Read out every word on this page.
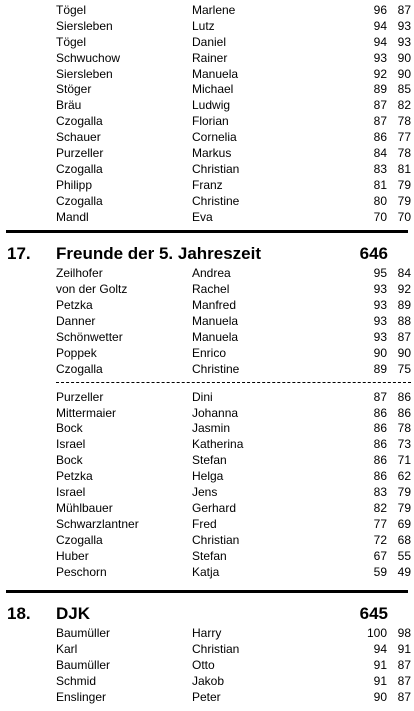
Tögel	Marlene	96 87
Siersleben	Lutz	94 93
Tögel	Daniel	94 93
Schwuchow	Rainer	93 90
Siersleben	Manuela	92 90
Stöger	Michael	89 85
Bräu	Ludwig	87 82
Czogalla	Florian	87 78
Schauer	Cornelia	86 77
Purzeller	Markus	84 78
Czogalla	Christian	83 81
Philipp	Franz	81 79
Czogalla	Christine	80 79
Mandl	Eva	70 70
17. Freunde der 5. Jahreszeit	646
Zeilhofer	Andrea	95 84
von der Goltz	Rachel	93 92
Petzka	Manfred	93 89
Danner	Manuela	93 88
Schönwetter	Manuela	93 87
Poppek	Enrico	90 90
Czogalla	Christine	89 75
Purzeller	Dini	87 86
Mittermaier	Johanna	86 86
Bock	Jasmin	86 78
Israel	Katherina	86 73
Bock	Stefan	86 71
Petzka	Helga	86 62
Israel	Jens	83 79
Mühlbauer	Gerhard	82 79
Schwarzlantner	Fred	77 69
Czogalla	Christian	72 68
Huber	Stefan	67 55
Peschorn	Katja	59 49
18. DJK	645
Baumüller	Harry	100 98
Karl	Christian	94 91
Baumüller	Otto	91 87
Schmid	Jakob	91 87
Enslinger	Peter	90 87
